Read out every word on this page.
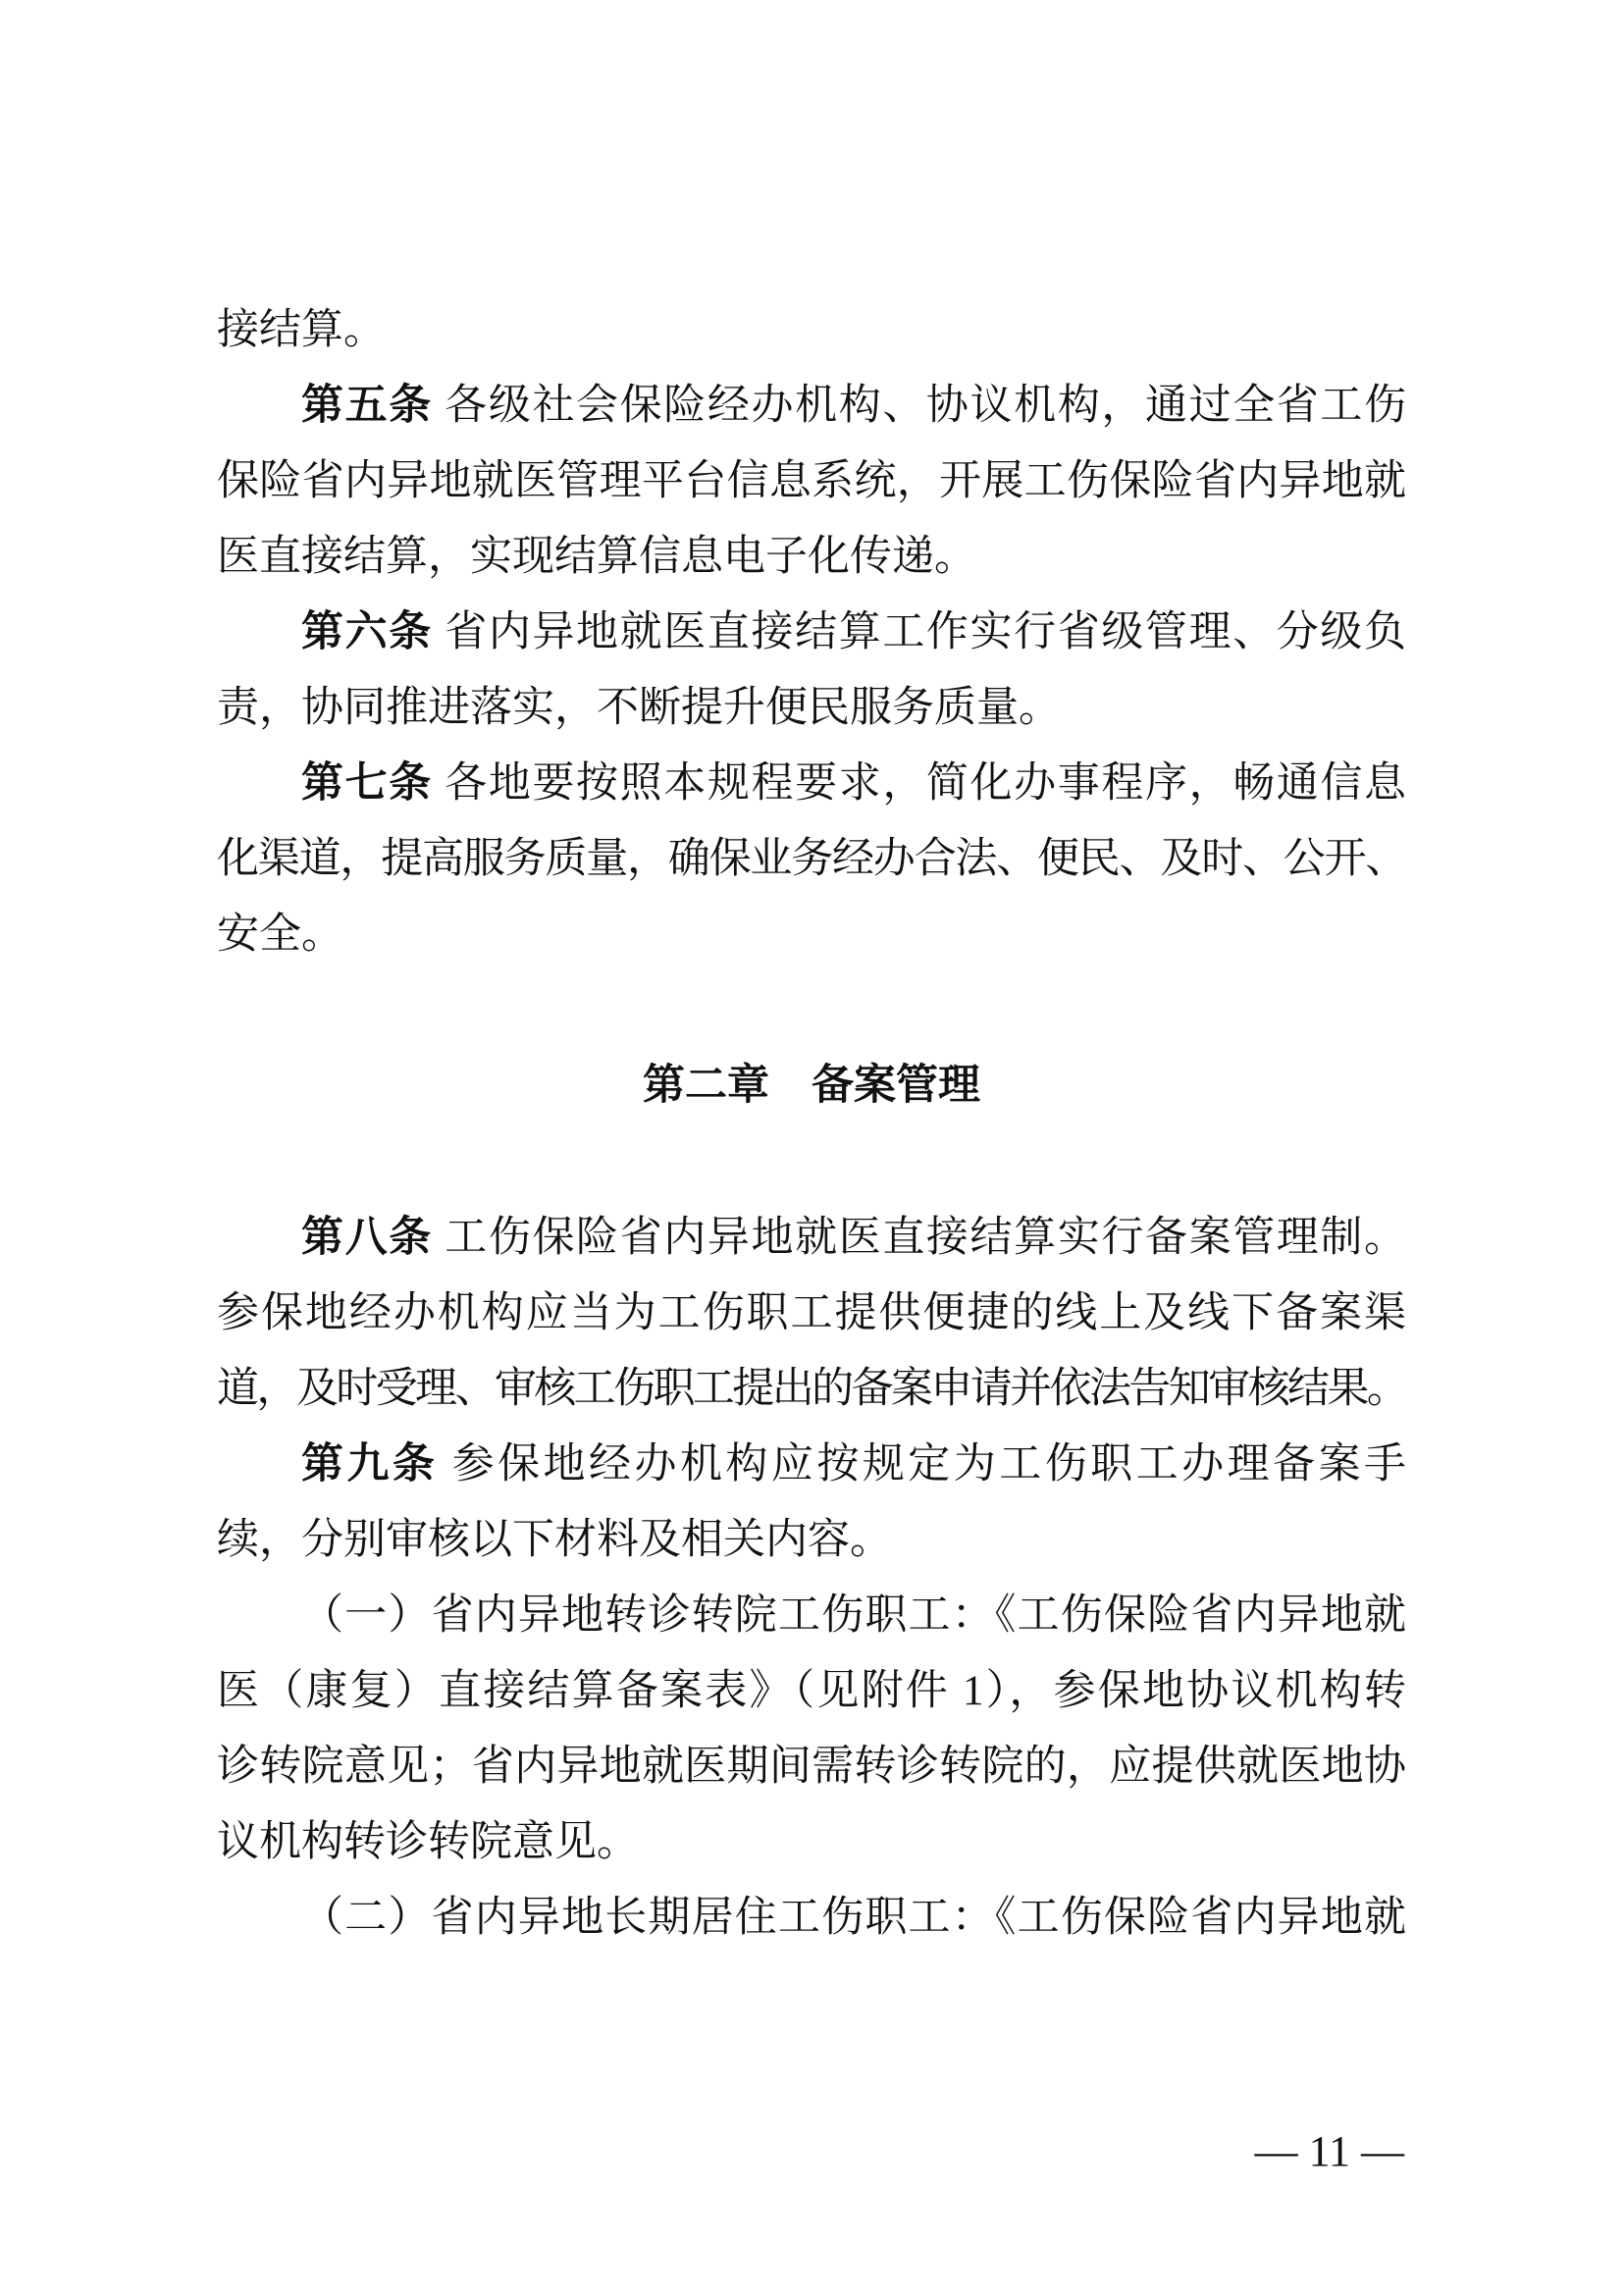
接结算。
第五条 各级社会保险经办机构、协议机构，通过全省工伤
保险省内异地就医管理平台信息系统，开展工伤保险省内异地就
医直接结算，实现结算信息电子化传递。
第六条 省内异地就医直接结算工作实行省级管理、分级负
责，协同推进落实，不断提升便民服务质量。
第七条 各地要按照本规程要求，简化办事程序，畅通信息
化渠道，提高服务质量，确保业务经办合法、便民、及时、公开、
安全。
第二章　备案管理
第八条 工伤保险省内异地就医直接结算实行备案管理制。
参保地经办机构应当为工伤职工提供便捷的线上及线下备案渠
道，及时受理、审核工伤职工提出的备案申请并依法告知审核结果。
第九条 参保地经办机构应按规定为工伤职工办理备案手
续，分别审核以下材料及相关内容。
（一）省内异地转诊转院工伤职工：《工伤保险省内异地就
医（康复）直接结算备案表》（见附件 1），参保地协议机构转
诊转院意见；省内异地就医期间需转诊转院的，应提供就医地协
议机构转诊转院意见。
（二）省内异地长期居住工伤职工：《工伤保险省内异地就
— 11 —
